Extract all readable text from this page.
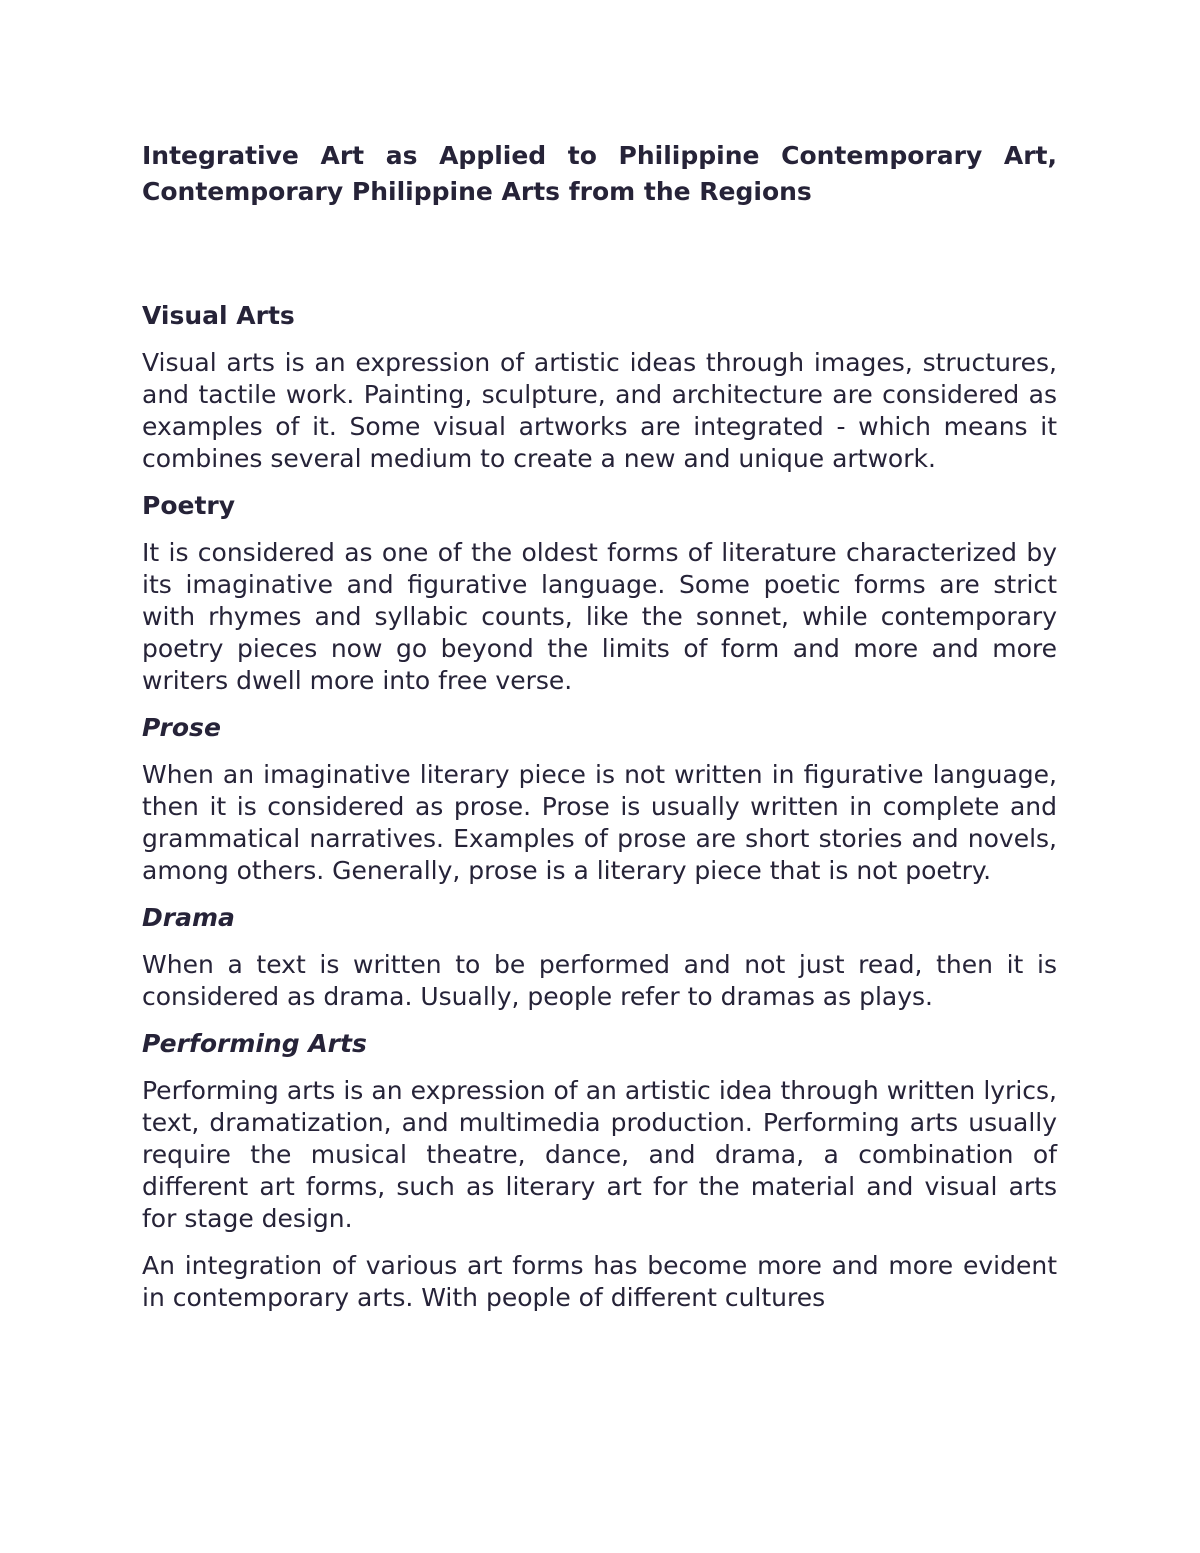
Integrative Art as Applied to Philippine Contemporary Art, Contemporary Philippine Arts from the Regions
Visual Arts

Visual arts is an expression of artistic ideas through images, structures, and tactile work. Painting, sculpture, and architecture are considered as examples of it. Some visual artworks are integrated - which means it combines several medium to create a new and unique artwork.

Poetry

It is considered as one of the oldest forms of literature characterized by its imaginative and figurative language. Some poetic forms are strict with rhymes and syllabic counts, like the sonnet, while contemporary poetry pieces now go beyond the limits of form and more and more writers dwell more into free verse.

Prose

When an imaginative literary piece is not written in figurative language, then it is considered as prose. Prose is usually written in complete and grammatical narratives. Examples of prose are short stories and novels, among others. Generally, prose is a literary piece that is not poetry.

Drama

When a text is written to be performed and not just read, then it is considered as drama. Usually, people refer to dramas as plays.

Performing Arts

Performing arts is an expression of an artistic idea through written lyrics, text, dramatization, and multimedia production. Performing arts usually require the musical theatre, dance, and drama, a combination of different art forms, such as literary art for the material and visual arts for stage design.

An integration of various art forms has become more and more evident in contemporary arts. With people of different cultures
